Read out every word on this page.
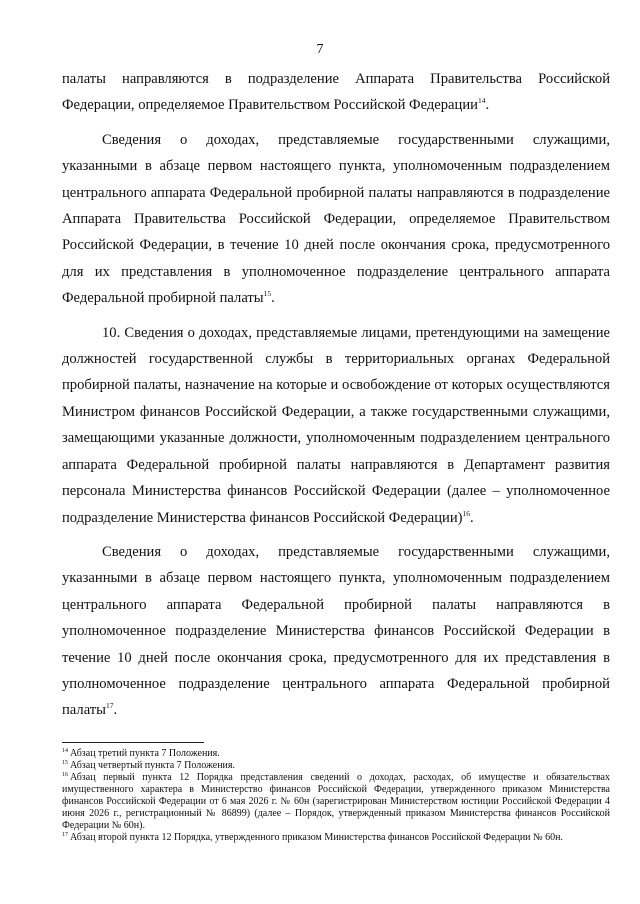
7

палаты направляются в подразделение Аппарата Правительства Российской Федерации, определяемое Правительством Российской Федерации$^{14}$.

Сведения о доходах, представляемые государственными служащими, указанными в абзаце первом настоящего пункта, уполномоченным подразделением центрального аппарата Федеральной пробирной палаты направляются в подразделение Аппарата Правительства Российской Федерации, определяемое Правительством Российской Федерации, в течение 10 дней после окончания срока, предусмотренного для их представления в уполномоченное подразделение центрального аппарата Федеральной пробирной палаты$^{15}$.

10. Сведения о доходах, представляемые лицами, претендующими на замещение должностей государственной службы в территориальных органах Федеральной пробирной палаты, назначение на которые и освобождение от которых осуществляются Министром финансов Российской Федерации, а также государственными служащими, замещающими указанные должности, уполномоченным подразделением центрального аппарата Федеральной пробирной палаты направляются в Департамент развития персонала Министерства финансов Российской Федерации (далее – уполномоченное подразделение Министерства финансов Российской Федерации)$^{16}$.

Сведения о доходах, представляемые государственными служащими, указанными в абзаце первом настоящего пункта, уполномоченным подразделением центрального аппарата Федеральной пробирной палаты направляются в уполномоченное подразделение Министерства финансов Российской Федерации в течение 10 дней после окончания срока, предусмотренного для их представления в уполномоченное подразделение центрального аппарата Федеральной пробирной палаты$^{17}$.

$^{14}$ Абзац третий пункта 7 Положения.

$^{15}$ Абзац четвертый пункта 7 Положения.

$^{16}$ Абзац первый пункта 12 Порядка представления сведений о доходах, расходах, об имуществе и обязательствах имущественного характера в Министерство финансов Российской Федерации, утвержденного приказом Министерства финансов Российской Федерации от 6 мая 2026 г. № 60н (зарегистрирован Министерством юстиции Российской Федерации 4 июня 2026 г., регистрационный № 86899) (далее – Порядок, утвержденный приказом Министерства финансов Российской Федерации № 60н).

$^{17}$ Абзац второй пункта 12 Порядка, утвержденного приказом Министерства финансов Российской Федерации № 60н.
